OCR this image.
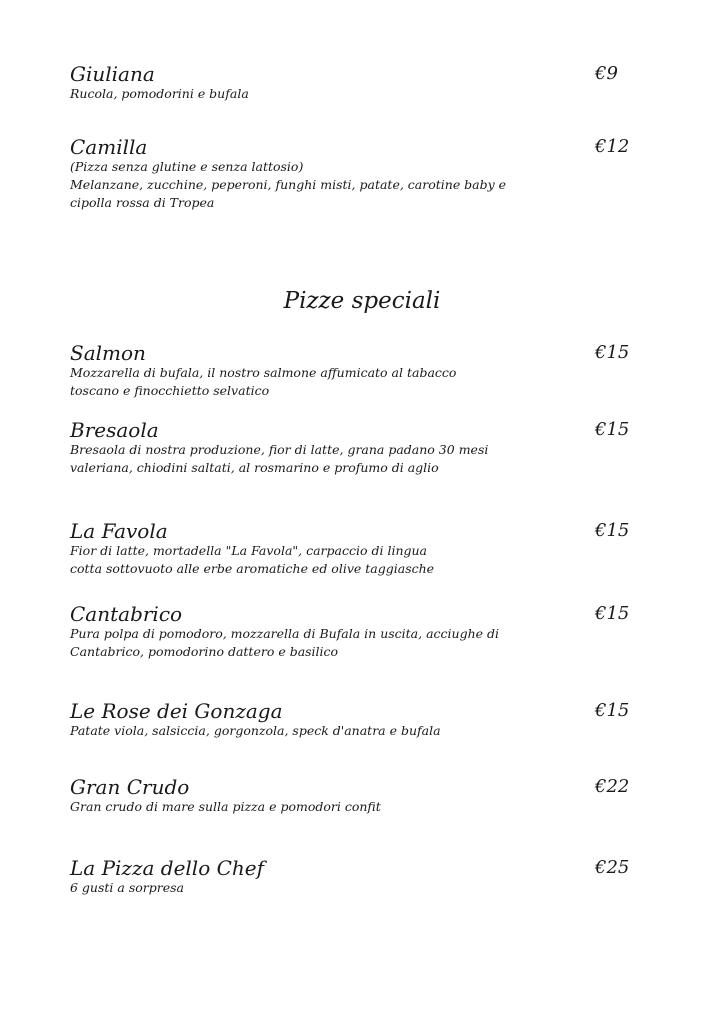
Giuliana	€9
Rucola, pomodorini e bufala
Camilla	€12
(Pizza senza glutine e senza lattosio)
Melanzane, zucchine, peperoni, funghi misti, patate, carotine baby e
cipolla rossa di Tropea
Pizze speciali
Salmon	€15
Mozzarella di bufala, il nostro salmone affumicato al tabacco
toscano e finocchietto selvatico
Bresaola	€15
Bresaola di nostra produzione, fior di latte, grana padano 30 mesi
valeriana, chiodini saltati, al rosmarino e profumo di aglio
La Favola	€15
Fior di latte, mortadella "La Favola", carpaccio di lingua
cotta sottovuoto alle erbe aromatiche ed olive taggiasche
Cantabrico	€15
Pura polpa di pomodoro, mozzarella di Bufala in uscita, acciughe di
Cantabrico, pomodorino dattero e basilico
Le Rose dei Gonzaga	€15
Patate viola, salsiccia, gorgonzola, speck d'anatra e bufala
Gran Crudo	€22
Gran crudo di mare sulla pizza e pomodori confit
La Pizza dello Chef	€25
6 gusti a sorpresa
